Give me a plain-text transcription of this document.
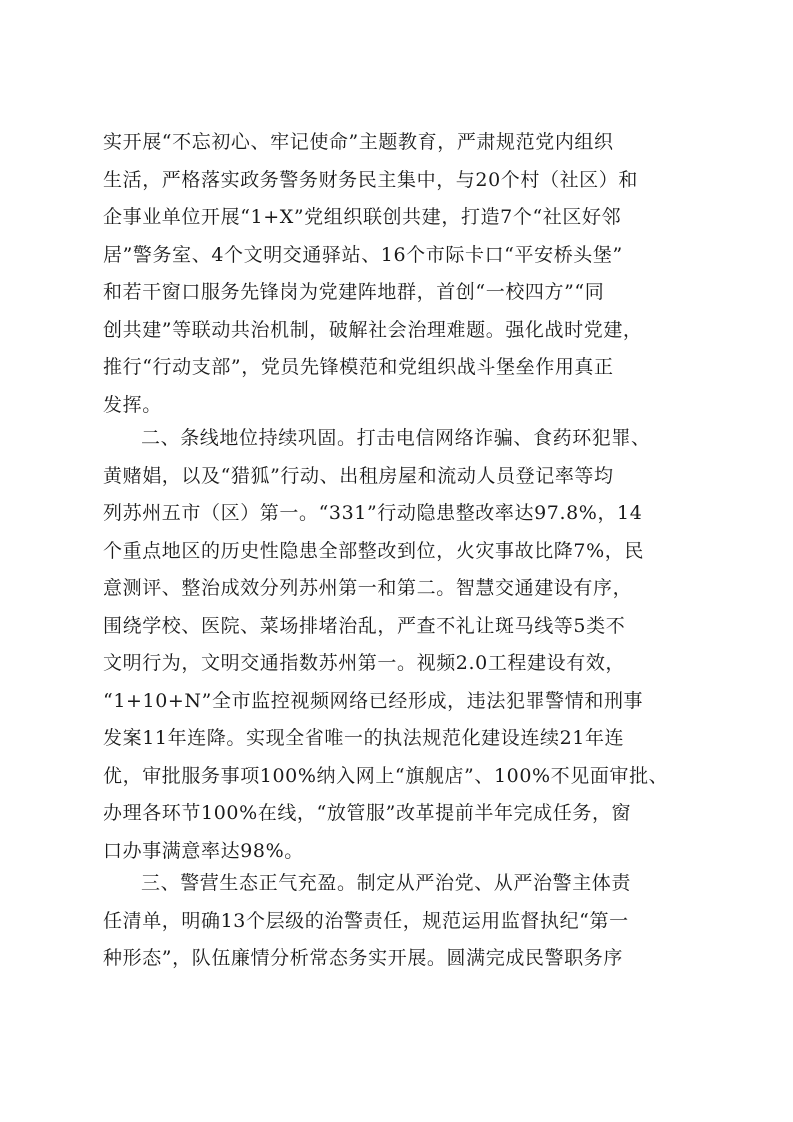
实开展“不忘初心、牢记使命”主题教育，严肃规范党内组织
生活，严格落实政务警务财务民主集中，与20个村（社区）和
企事业单位开展“1+X”党组织联创共建，打造7个“社区好邻
居”警务室、4个文明交通驿站、16个市际卡口“平安桥头堡”
和若干窗口服务先锋岗为党建阵地群，首创“一校四方”“同
创共建”等联动共治机制，破解社会治理难题。强化战时党建，
推行“行动支部”，党员先锋模范和党组织战斗堡垒作用真正
发挥。
二、条线地位持续巩固。打击电信网络诈骗、食药环犯罪、
黄赌娼，以及“猎狐”行动、出租房屋和流动人员登记率等均
列苏州五市（区）第一。“331”行动隐患整改率达97.8%，14
个重点地区的历史性隐患全部整改到位，火灾事故比降7%，民
意测评、整治成效分列苏州第一和第二。智慧交通建设有序，
围绕学校、医院、菜场排堵治乱，严查不礼让斑马线等5类不
文明行为，文明交通指数苏州第一。视频2.0工程建设有效，
“1+10+N”全市监控视频网络已经形成，违法犯罪警情和刑事
发案11年连降。实现全省唯一的执法规范化建设连续21年连
优，审批服务事项100%纳入网上“旗舰店”、100%不见面审批、
办理各环节100%在线，“放管服”改革提前半年完成任务，窗
口办事满意率达98%。
三、警营生态正气充盈。制定从严治党、从严治警主体责
任清单，明确13个层级的治警责任，规范运用监督执纪“第一
种形态”，队伍廉情分析常态务实开展。圆满完成民警职务序
